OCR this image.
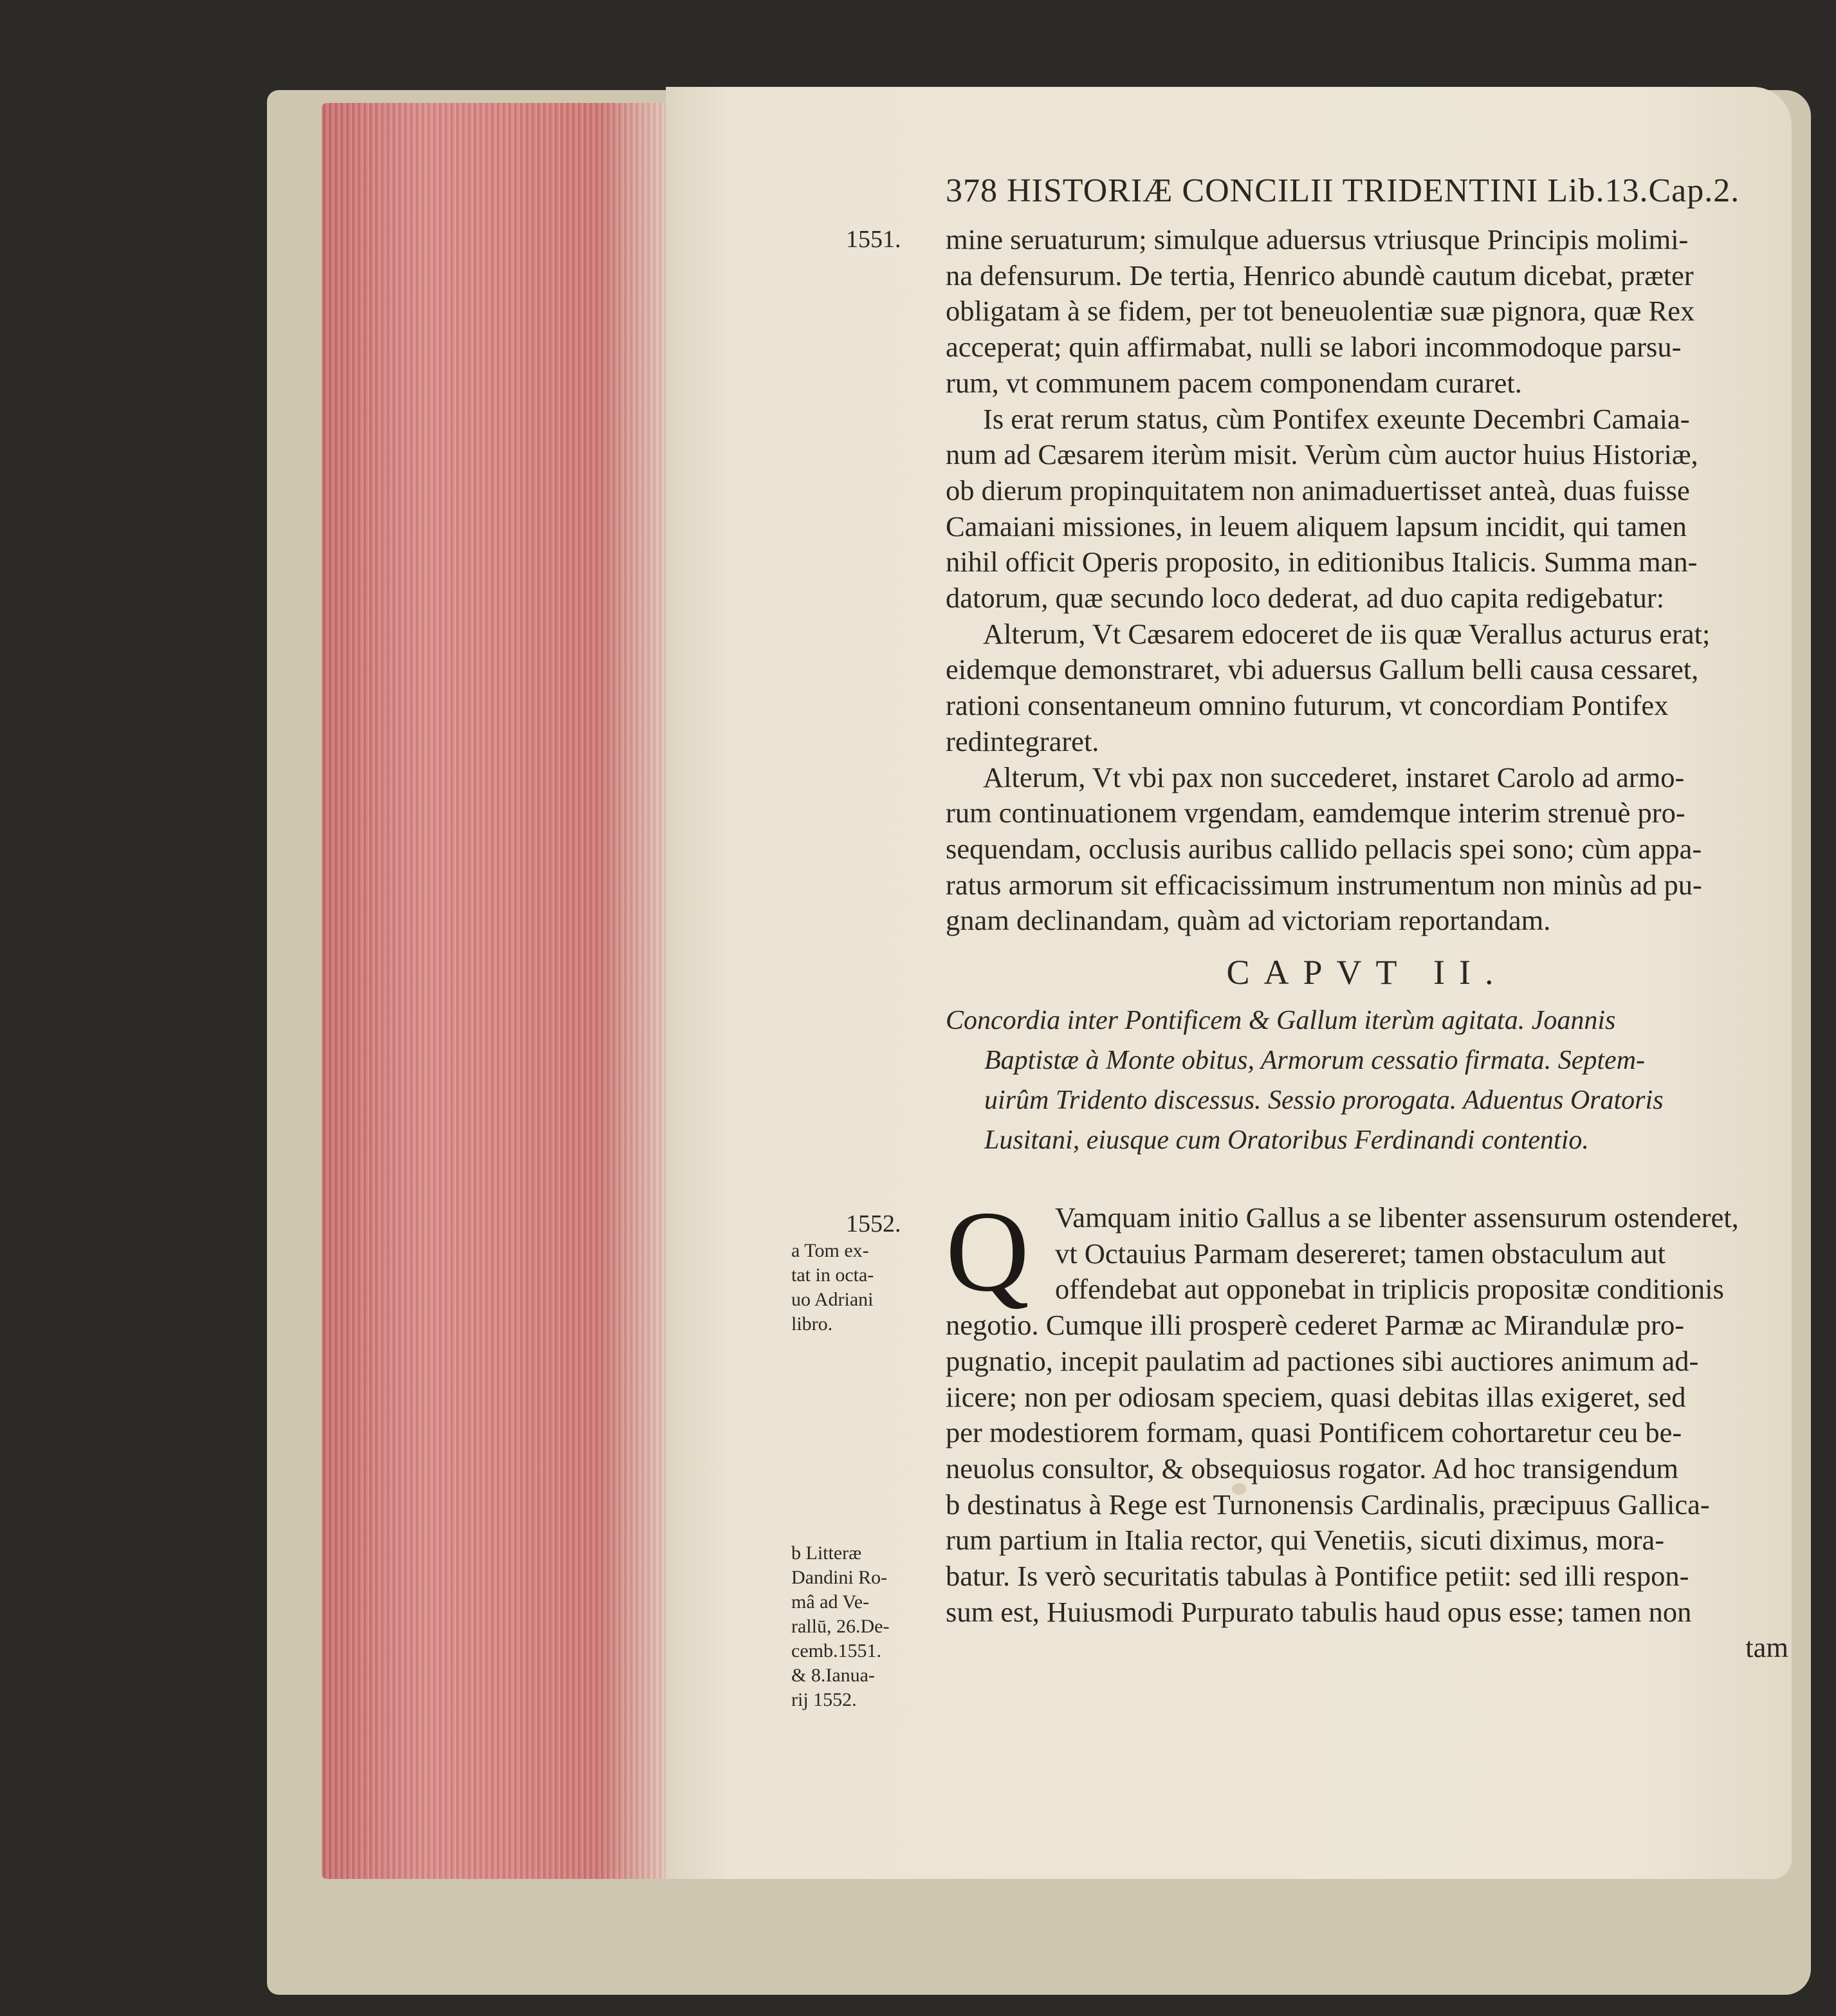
378 HISTORIÆ CONCILII TRIDENTINI Lib.13.Cap.2.
1551. mine seruaturum; simulque aduersus vtriusque Principis molimi-
na defensurum. De tertia, Henrico abundè cautum dicebat, præter
obligatam à se fidem, per tot beneuolentiæ suæ pignora, quæ Rex
acceperat; quin affirmabat, nulli se labori incommodoque parsu-
rum, vt communem pacem componendam curaret.

Is erat rerum status, cùm Pontifex exeunte Decembri Camaia-
num ad Cæsarem iterùm misit. Verùm cùm auctor huius Historiæ,
ob dierum propinquitatem non animaduertisset anteà, duas fuisse
Camaiani missiones, in leuem aliquem lapsum incidit, qui tamen
nihil officit Operis proposito, in editionibus Italicis. Summa man-
datorum, quæ secundo loco dederat, ad duo capita redigebatur:

Alterum, Vt Cæsarem edoceret de iis quæ Verallus acturus erat;
eidemque demonstraret, vbi aduersus Gallum belli causa cessaret,
rationi consentaneum omnino futurum, vt concordiam Pontifex
redintegraret.

Alterum, Vt vbi pax non succederet, instaret Carolo ad armo-
rum continuationem vrgendam, eamdemque interim strenuè pro-
sequendam, occlusis auribus callido pellacis spei sono; cùm appa-
ratus armorum sit efficacissimum instrumentum non minùs ad pu-
gnam declinandam, quàm ad victoriam reportandam.

CAPVT II.
Concordia inter Pontificem & Gallum iterùm agitata. Joannis
Baptistæ à Monte obitus, Armorum cessatio firmata. Septem-
uirûm Tridento discessus. Sessio prorogata. Aduentus Oratoris
Lusitani, eiusque cum Oratoribus Ferdinandi contentio.
1552.
a Tom ex-
tat in octa-
uo Adriani
libro.
Q Vamquam initio Gallus a se libenter assensurum ostenderet,
vt Octauius Parmam desereret; tamen obstaculum aut
offendebat aut opponebat in triplicis propositæ conditionis
negotio. Cumque illi prosperè cederet Parmæ ac Mirandulæ pro-
pugnatio, incepit paulatim ad pactiones sibi auctiores animum ad-
iicere; non per odiosam speciem, quasi debitas illas exigeret, sed
per modestiorem formam, quasi Pontificem cohortaretur ceu be-
neuolus consultor, & obsequiosus rogator. Ad hoc transigendum
b destinatus à Rege est Turnonensis Cardinalis, præcipuus Gallica-
rum partium in Italia rector, qui Venetiis, sicuti diximus, mora-
batur. Is verò securitatis tabulas à Pontifice petiit: sed illi respon-
sum est, Huiusmodi Purpurato tabulis haud opus esse; tamen non
tam
b Litteræ
Dandini Ro-
mâ ad Ve-
rallū, 26.De-
cemb.1551.
& 8.Ianua-
rij 1552.
